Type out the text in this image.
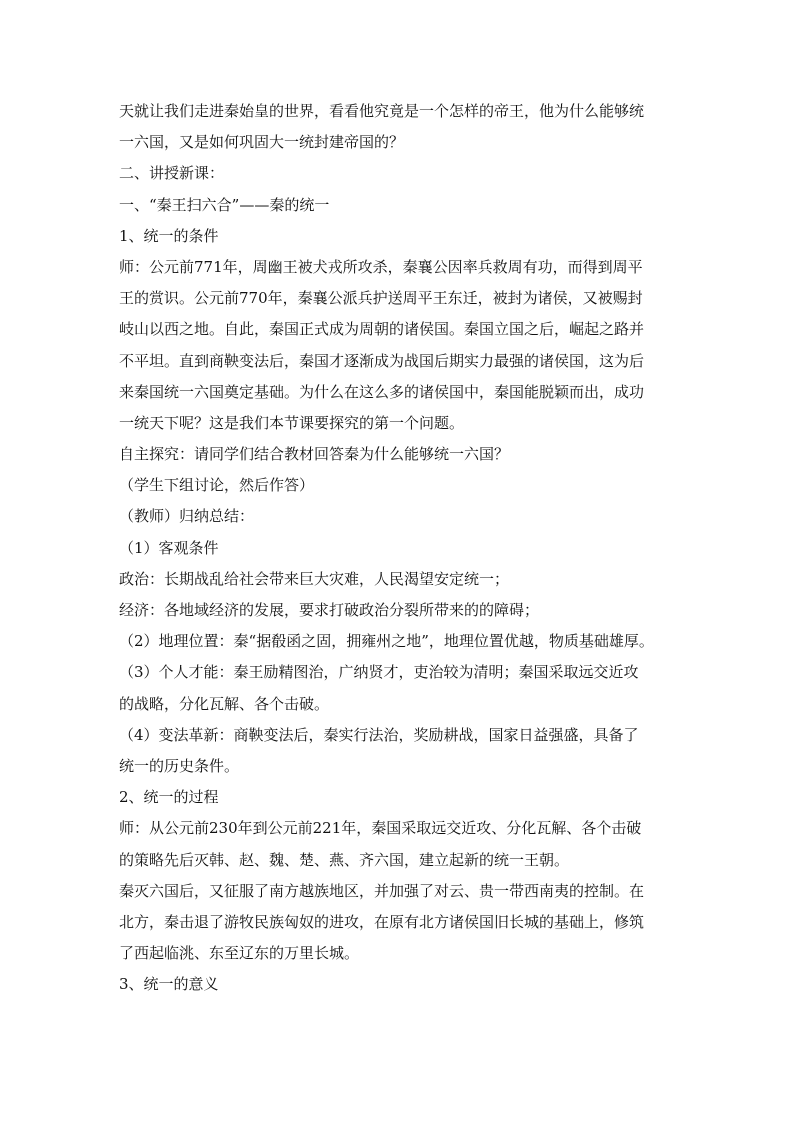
天就让我们走进秦始皇的世界，看看他究竟是一个怎样的帝王，他为什么能够统
一六国，又是如何巩固大一统封建帝国的？
二、讲授新课：
一、“秦王扫六合”——秦的统一
1、统一的条件
师：公元前771年，周幽王被犬戎所攻杀，秦襄公因率兵救周有功，而得到周平
王的赏识。公元前770年，秦襄公派兵护送周平王东迁，被封为诸侯，又被赐封
岐山以西之地。自此，秦国正式成为周朝的诸侯国。秦国立国之后，崛起之路并
不平坦。直到商鞅变法后，秦国才逐渐成为战国后期实力最强的诸侯国，这为后
来秦国统一六国奠定基础。为什么在这么多的诸侯国中，秦国能脱颖而出，成功
一统天下呢？这是我们本节课要探究的第一个问题。
自主探究：请同学们结合教材回答秦为什么能够统一六国？
（学生下组讨论，然后作答）
（教师）归纳总结：
（1）客观条件
政治：长期战乱给社会带来巨大灾难，人民渴望安定统一；
经济：各地域经济的发展，要求打破政治分裂所带来的的障碍；
（2）地理位置：秦“据殽函之固，拥雍州之地”，地理位置优越，物质基础雄厚。
（3）个人才能：秦王励精图治，广纳贤才，吏治较为清明；秦国采取远交近攻
的战略，分化瓦解、各个击破。
（4）变法革新：商鞅变法后，秦实行法治，奖励耕战，国家日益强盛，具备了
统一的历史条件。
2、统一的过程
师：从公元前230年到公元前221年，秦国采取远交近攻、分化瓦解、各个击破
的策略先后灭韩、赵、魏、楚、燕、齐六国，建立起新的统一王朝。
秦灭六国后，又征服了南方越族地区，并加强了对云、贵一带西南夷的控制。在
北方，秦击退了游牧民族匈奴的进攻，在原有北方诸侯国旧长城的基础上，修筑
了西起临洮、东至辽东的万里长城。
3、统一的意义
